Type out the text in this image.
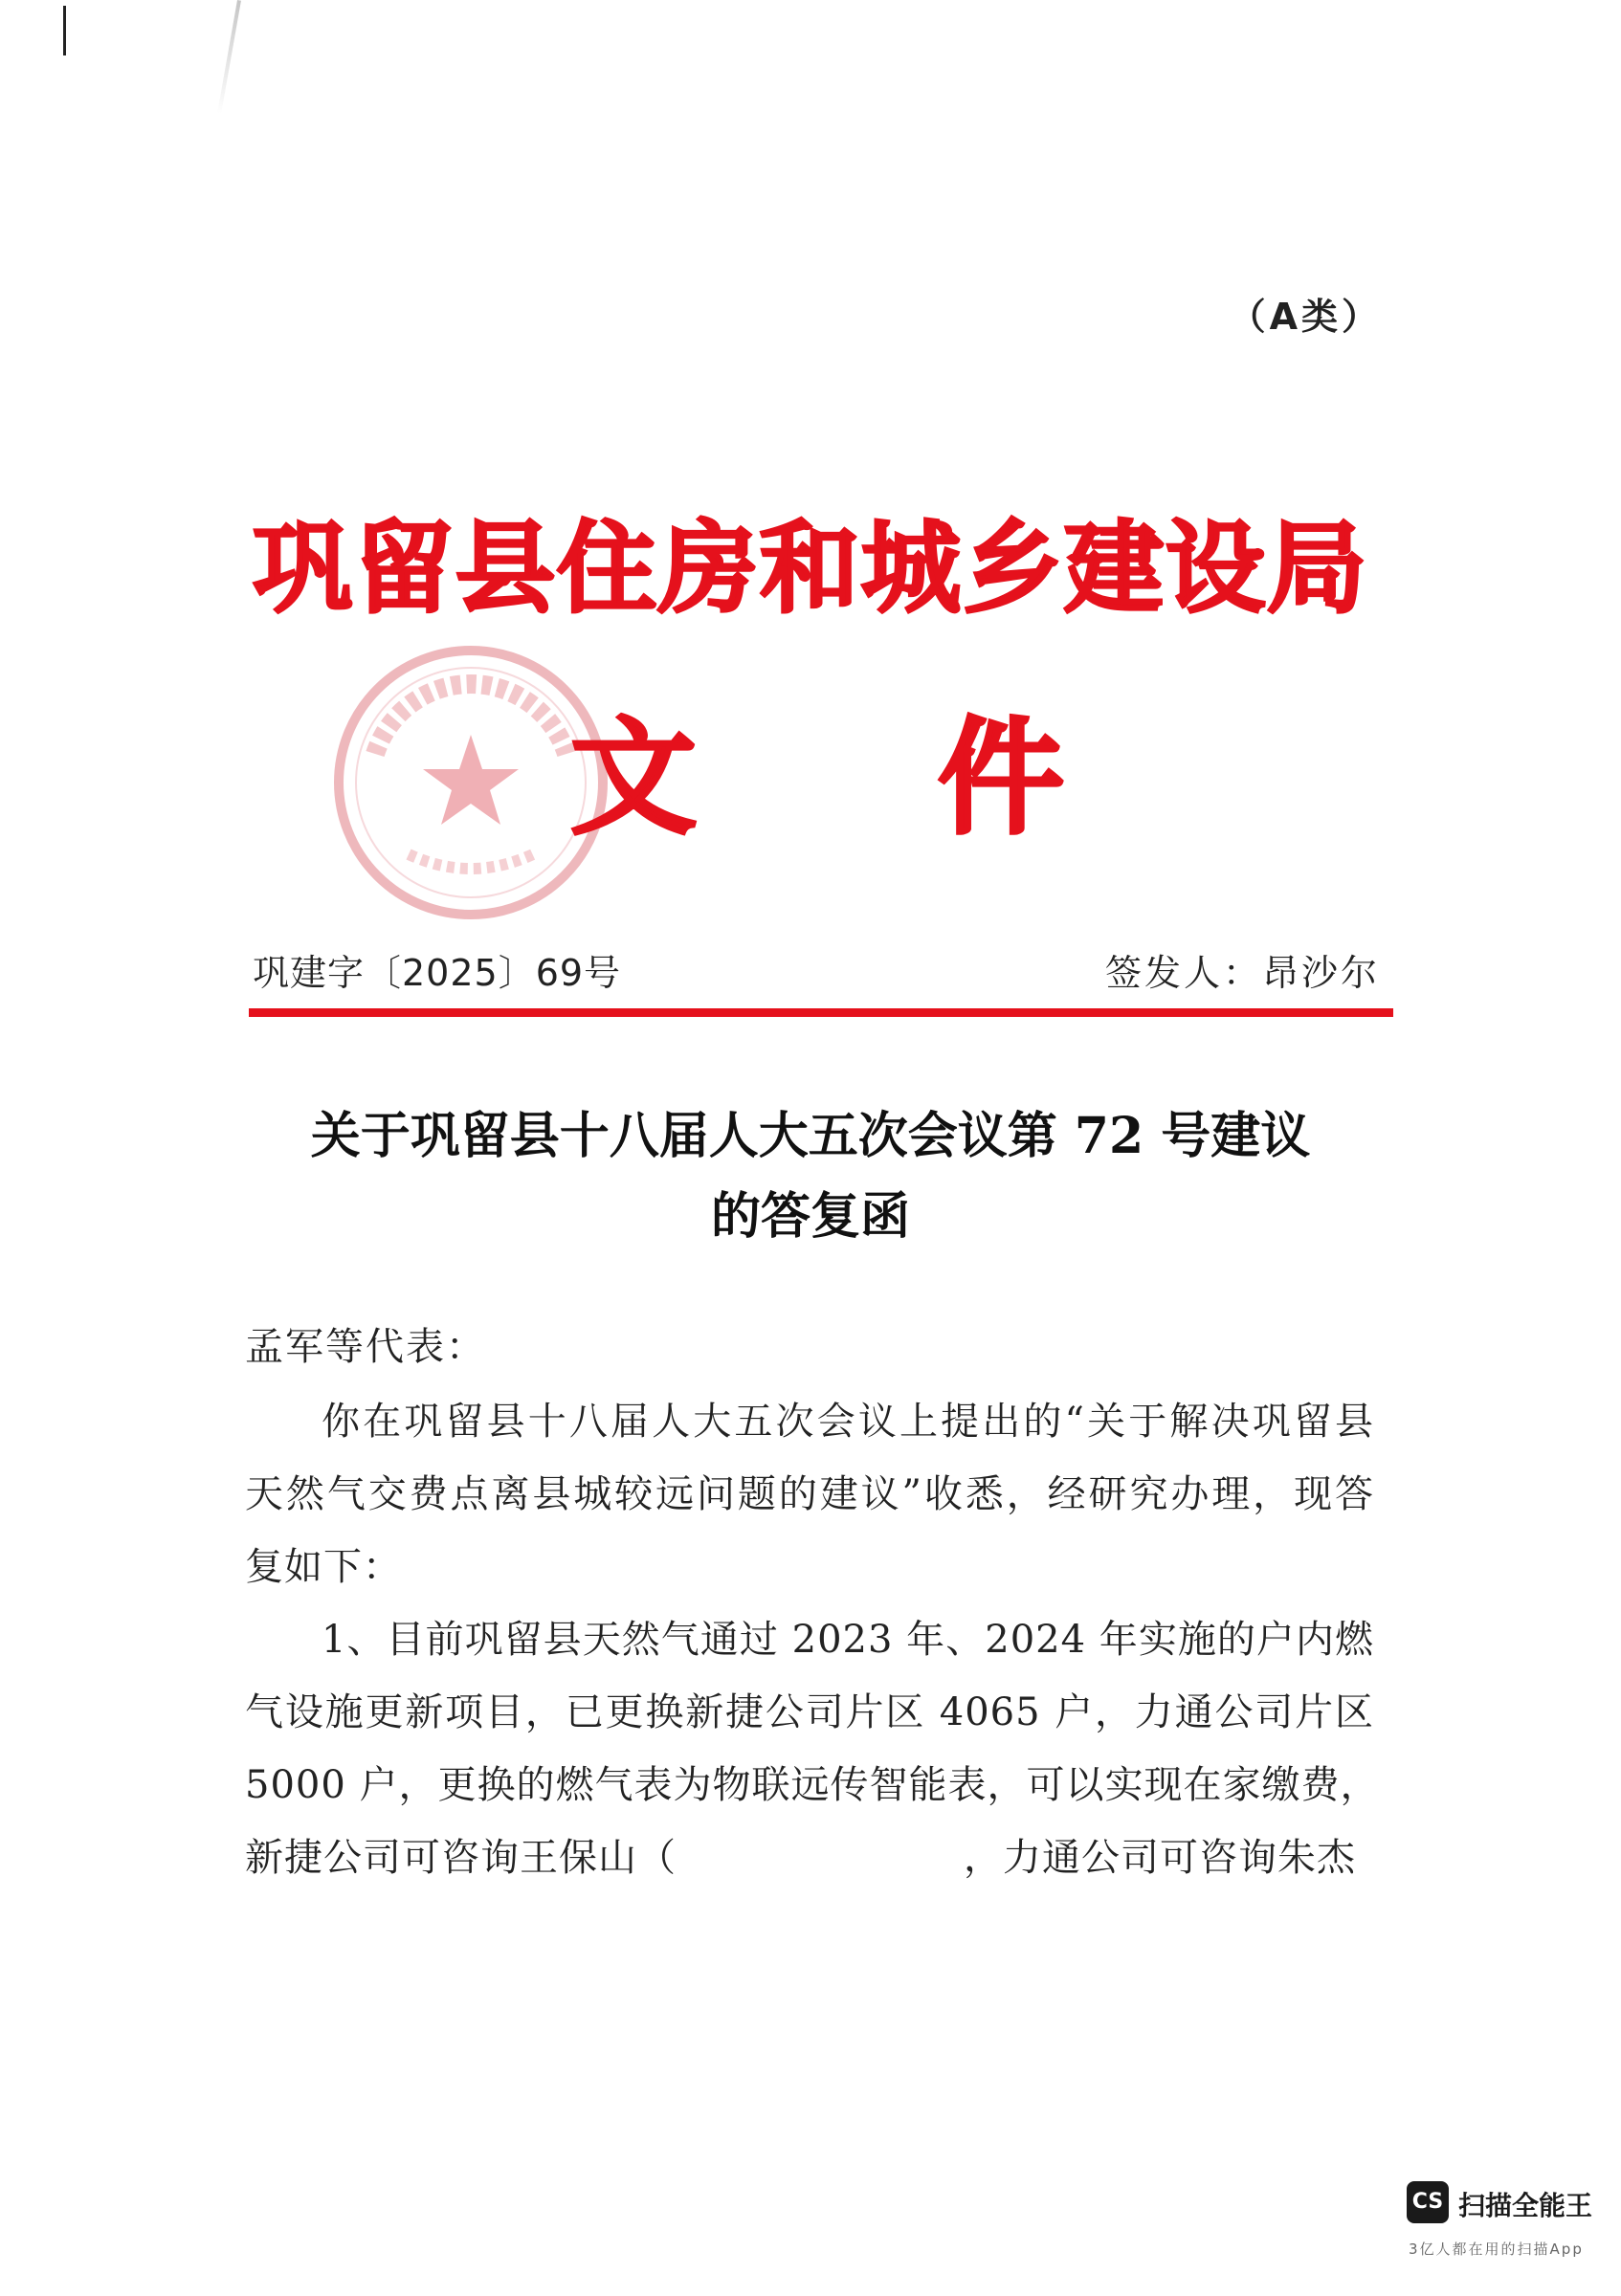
（A类）
巩留县住房和城乡建设局
文 件
巩建字〔2025〕69号	签发人：昂沙尔
关于巩留县十八届人大五次会议第 72 号建议
的答复函
孟军等代表：
你在巩留县十八届人大五次会议上提出的“关于解决巩留县
天然气交费点离县城较远问题的建议”收悉，经研究办理，现答
复如下：
1、目前巩留县天然气通过 2023 年、2024 年实施的户内燃
气设施更新项目，已更换新捷公司片区 4065 户，力通公司片区
5000 户，更换的燃气表为物联远传智能表，可以实现在家缴费，
新捷公司可咨询王保山（	，力通公司可咨询朱杰
CS 扫描全能王
3亿人都在用的扫描App
